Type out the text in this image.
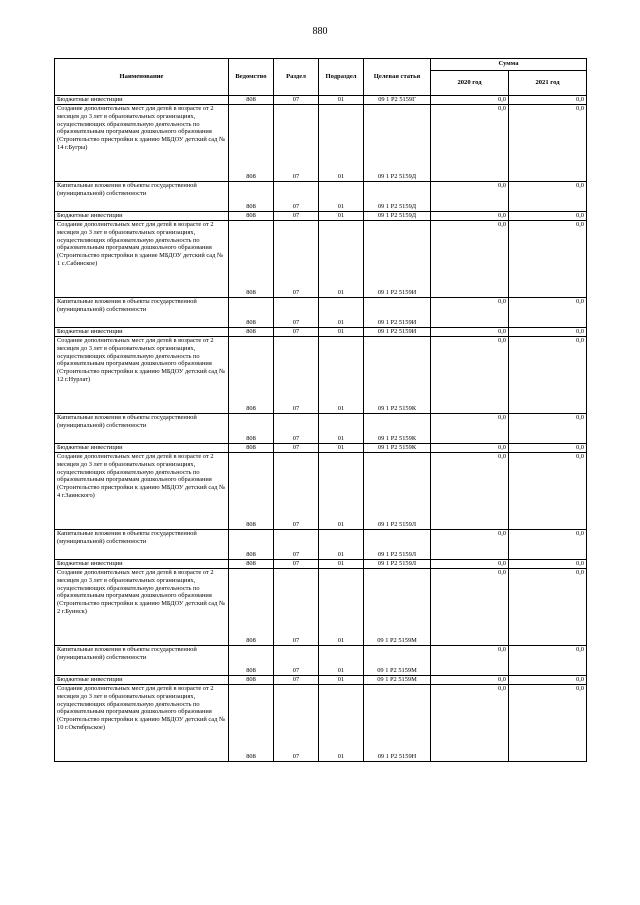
880
Наименование	Ведомство	Раздел	Подраздел	Целевая статья	Сумма	
					2020 год	2021 год

Бюджетные инвестиции	808	07	01	09 1 Р2 5159Г	0,0	0,0

Создание дополнительных мест для детей в возрасте от 2 месяцев до 3 лет в образовательных организациях, осуществляющих образовательную деятельность по образовательным программам дошкольного образования (Строительство пристройки к зданию МБДОУ детский сад № 14 г.Бугры)	808	07	01	09 1 Р2 5159Д	0,0	0,0

Капитальные вложения в объекты государственной (муниципальной) собственности	808	07	01	09 1 Р2 5159Д	0,0	0,0

Бюджетные инвестиции	808	07	01	09 1 Р2 5159Д	0,0	0,0

Создание дополнительных мест для детей в возрасте от 2 месяцев до 3 лет в образовательных организациях, осуществляющих образовательную деятельность по образовательным программам дошкольного образования (Строительство пристройки в здание МБДОУ детский сад № 1 с.Сабинское)	808	07	01	09 1 Р2 5159И	0,0	0,0

Капитальные вложения в объекты государственной (муниципальной) собственности	808	07	01	09 1 Р2 5159И	0,0	0,0

Бюджетные инвестиции	808	07	01	09 1 Р2 5159И	0,0	0,0

Создание дополнительных мест для детей в возрасте от 2 месяцев до 3 лет в образовательных организациях, осуществляющих образовательную деятельность по образовательным программам дошкольного образования (Строительство пристройки к зданию МБДОУ детский сад № 12 г.Нурлат)	808	07	01	09 1 Р2 5159К	0,0	0,0

Капитальные вложения в объекты государственной (муниципальной) собственности	808	07	01	09 1 Р2 5159К	0,0	0,0

Бюджетные инвестиции	808	07	01	09 1 Р2 5159К	0,0	0,0

Создание дополнительных мест для детей в возрасте от 2 месяцев до 3 лет в образовательных организациях, осуществляющих образовательную деятельность по образовательным программам дошкольного образования (Строительство пристройки к зданию МБДОУ детский сад № 4 г.Заинского)	808	07	01	09 1 Р2 5159Л	0,0	0,0

Капитальные вложения в объекты государственной (муниципальной) собственности	808	07	01	09 1 Р2 5159Л	0,0	0,0

Бюджетные инвестиции	808	07	01	09 1 Р2 5159Л	0,0	0,0

Создание дополнительных мест для детей в возрасте от 2 месяцев до 3 лет в образовательных организациях, осуществляющих образовательную деятельность по образовательным программам дошкольного образования (Строительство пристройки к зданию МБДОУ детский сад № 2 г.Буинск)	808	07	01	09 1 Р2 5159М	0,0	0,0

Капитальные вложения в объекты государственной (муниципальной) собственности	808	07	01	09 1 Р2 5159М	0,0	0,0

Бюджетные инвестиции	808	07	01	09 1 Р2 5159М	0,0	0,0

Создание дополнительных мест для детей в возрасте от 2 месяцев до 3 лет в образовательных организациях, осуществляющих образовательную деятельность по образовательным программам дошкольного образования (Строительство пристройки к зданию МБДОУ детский сад № 10 г.Октябрьское)	808	07	01	09 1 Р2 5159Н	0,0	0,0
